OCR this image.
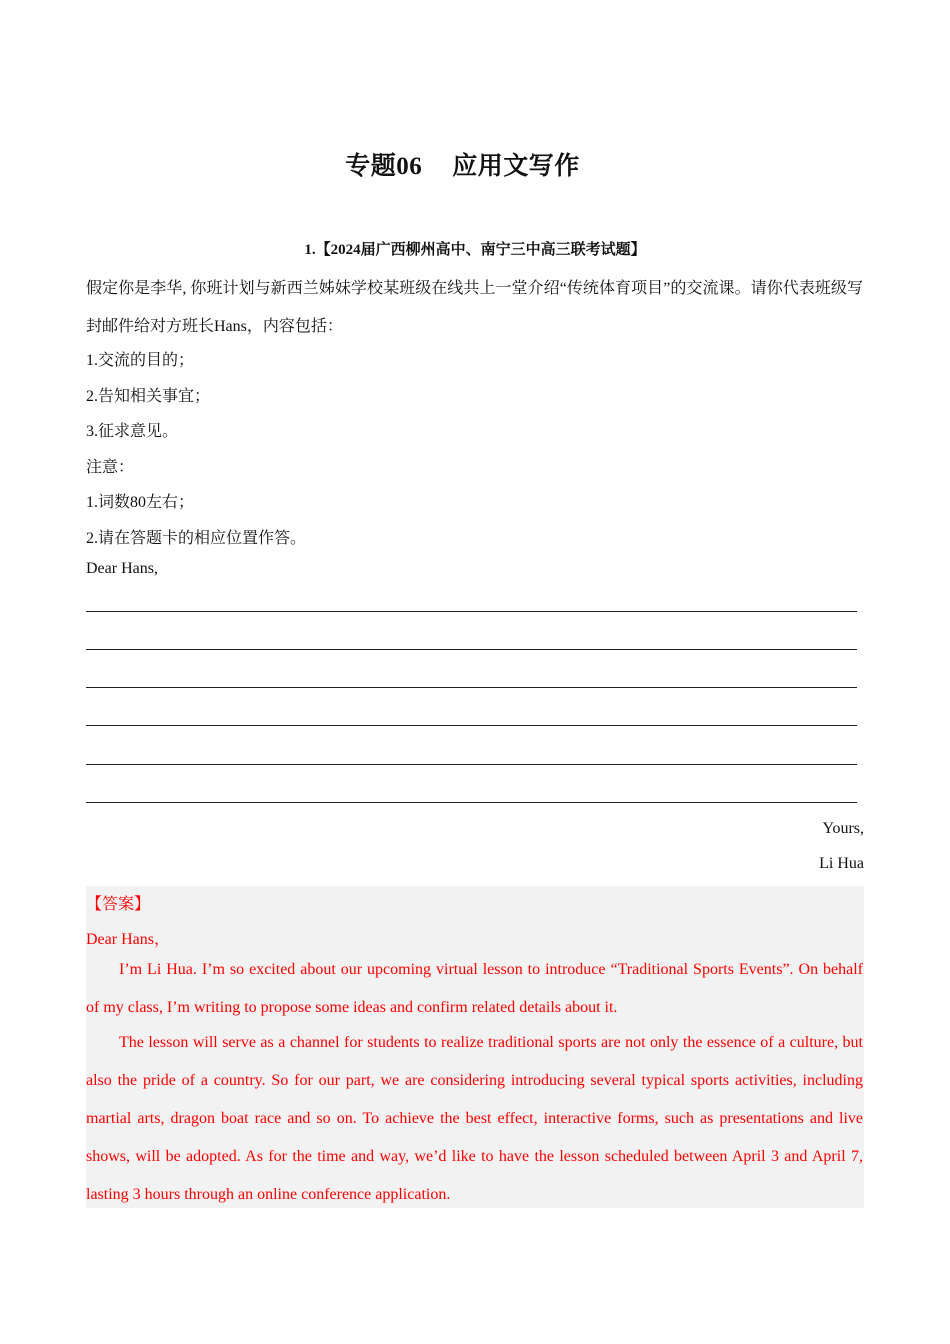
专题06 应用文写作
1.【2024届广西柳州高中、南宁三中高三联考试题】
假定你是李华, 你班计划与新西兰姊妹学校某班级在线共上一堂介绍“传统体育项目”的交流课。请你代表班级写封邮件给对方班长Hans，内容包括：
1.交流的目的；
2.告知相关事宜；
3.征求意见。
注意：
1.词数80左右；
2.请在答题卡的相应位置作答。
Dear Hans,
Yours,
Li Hua
【答案】
Dear Hans，
I’m Li Hua. I’m so excited about our upcoming virtual lesson to introduce “Traditional Sports Events”. On behalf of my class, I’m writing to propose some ideas and confirm related details about it.
The lesson will serve as a channel for students to realize traditional sports are not only the essence of a culture, but also the pride of a country. So for our part, we are considering introducing several typical sports activities, including martial arts, dragon boat race and so on. To achieve the best effect, interactive forms, such as presentations and live shows, will be adopted. As for the time and way, we’d like to have the lesson scheduled between April 3 and April 7, lasting 3 hours through an online conference application.
